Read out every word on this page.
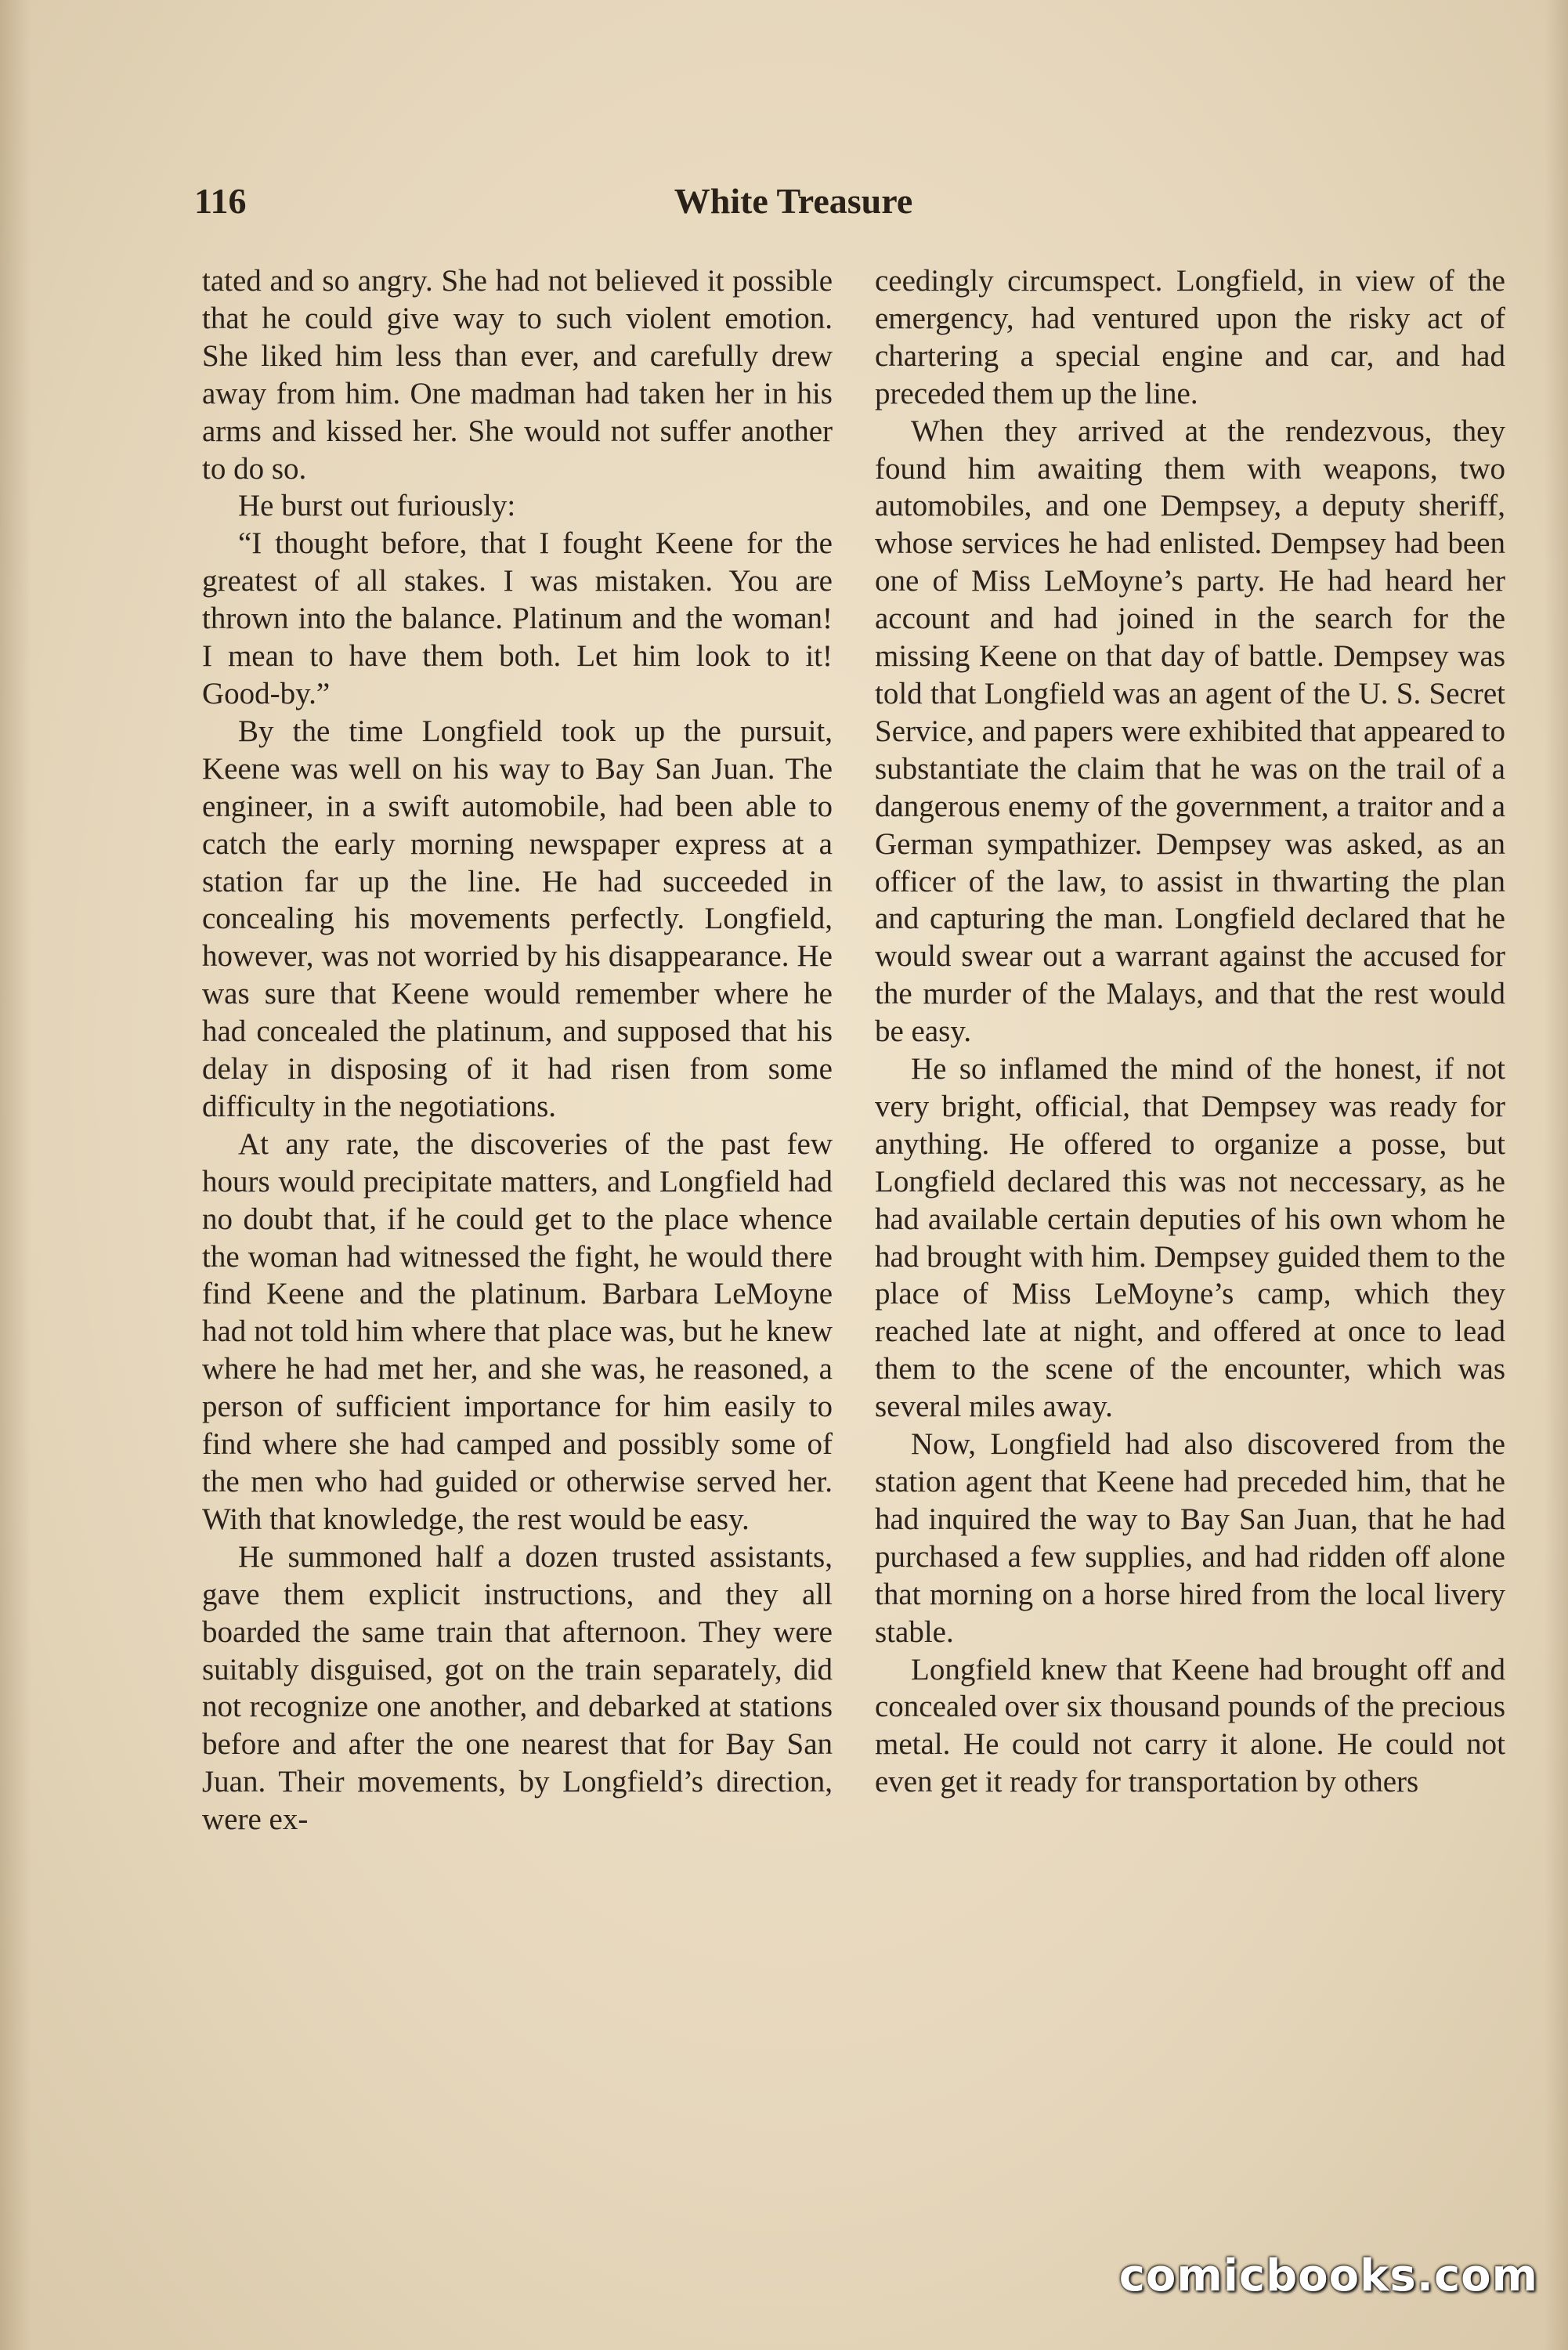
116	White Treasure

tated and so angry. She had not believed it possible that he could give way to such violent emotion. She liked him less than ever, and carefully drew away from him. One madman had taken her in his arms and kissed her. She would not suffer another to do so.

He burst out furiously:

“I thought before, that I fought Keene for the greatest of all stakes. I was mistaken. You are thrown into the balance. Platinum and the woman! I mean to have them both. Let him look to it! Good-by.”

By the time Longfield took up the pursuit, Keene was well on his way to Bay San Juan. The engineer, in a swift automobile, had been able to catch the early morning newspaper express at a station far up the line. He had succeeded in concealing his movements perfectly. Longfield, however, was not worried by his disappearance. He was sure that Keene would remember where he had concealed the platinum, and supposed that his delay in disposing of it had risen from some difficulty in the negotiations.

At any rate, the discoveries of the past few hours would precipitate matters, and Longfield had no doubt that, if he could get to the place whence the woman had witnessed the fight, he would there find Keene and the platinum. Barbara LeMoyne had not told him where that place was, but he knew where he had met her, and she was, he reasoned, a person of sufficient importance for him easily to find where she had camped and possibly some of the men who had guided or otherwise served her. With that knowledge, the rest would be easy.

He summoned half a dozen trusted assistants, gave them explicit instructions, and they all boarded the same train that afternoon. They were suitably disguised, got on the train separately, did not recognize one another, and debarked at stations before and after the one nearest that for Bay San Juan. Their movements, by Longfield’s direction, were ex-

ceedingly circumspect. Longfield, in view of the emergency, had ventured upon the risky act of chartering a special engine and car, and had preceded them up the line.

When they arrived at the rendezvous, they found him awaiting them with weapons, two automobiles, and one Dempsey, a deputy sheriff, whose services he had enlisted. Dempsey had been one of Miss LeMoyne’s party. He had heard her account and had joined in the search for the missing Keene on that day of battle. Dempsey was told that Longfield was an agent of the U. S. Secret Service, and papers were exhibited that appeared to substantiate the claim that he was on the trail of a dangerous enemy of the government, a traitor and a German sympathizer. Dempsey was asked, as an officer of the law, to assist in thwarting the plan and capturing the man. Longfield declared that he would swear out a warrant against the accused for the murder of the Malays, and that the rest would be easy.

He so inflamed the mind of the honest, if not very bright, official, that Dempsey was ready for anything. He offered to organize a posse, but Longfield declared this was not neccessary, as he had available certain deputies of his own whom he had brought with him. Dempsey guided them to the place of Miss LeMoyne’s camp, which they reached late at night, and offered at once to lead them to the scene of the encounter, which was several miles away.

Now, Longfield had also discovered from the station agent that Keene had preceded him, that he had inquired the way to Bay San Juan, that he had purchased a few supplies, and had ridden off alone that morning on a horse hired from the local livery stable.

Longfield knew that Keene had brought off and concealed over six thousand pounds of the precious metal. He could not carry it alone. He could not even get it ready for transportation by others

comicbooks.com
